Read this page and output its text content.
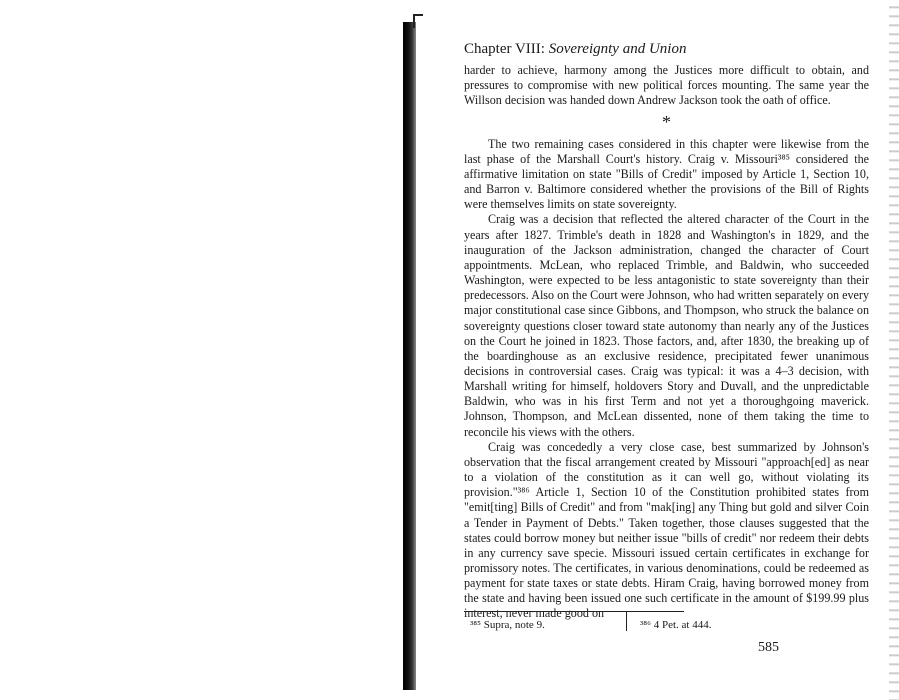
Chapter VIII: Sovereignty and Union

harder to achieve, harmony among the Justices more difficult to obtain, and pressures to compromise with new political forces mounting. The same year the Willson decision was handed down Andrew Jackson took the oath of office.

*

The two remaining cases considered in this chapter were likewise from the last phase of the Marshall Court's history. Craig v. Missouri³⁸⁵ considered the affirmative limitation on state "Bills of Credit" imposed by Article 1, Section 10, and Barron v. Baltimore considered whether the provisions of the Bill of Rights were themselves limits on state sovereignty.

Craig was a decision that reflected the altered character of the Court in the years after 1827. Trimble's death in 1828 and Washington's in 1829, and the inauguration of the Jackson administration, changed the character of Court appointments. McLean, who replaced Trimble, and Baldwin, who succeeded Washington, were expected to be less antagonistic to state sovereignty than their predecessors. Also on the Court were Johnson, who had written separately on every major constitutional case since Gibbons, and Thompson, who struck the balance on sovereignty questions closer toward state autonomy than nearly any of the Justices on the Court he joined in 1823. Those factors, and, after 1830, the breaking up of the boardinghouse as an exclusive residence, precipitated fewer unanimous decisions in controversial cases. Craig was typical: it was a 4–3 decision, with Marshall writing for himself, holdovers Story and Duvall, and the unpredictable Baldwin, who was in his first Term and not yet a thoroughgoing maverick. Johnson, Thompson, and McLean dissented, none of them taking the time to reconcile his views with the others.

Craig was concededly a very close case, best summarized by Johnson's observation that the fiscal arrangement created by Missouri "approach[ed] as near to a violation of the constitution as it can well go, without violating its provision."³⁸⁶ Article 1, Section 10 of the Constitution prohibited states from "emit[ting] Bills of Credit" and from "mak[ing] any Thing but gold and silver Coin a Tender in Payment of Debts." Taken together, those clauses suggested that the states could borrow money but neither issue "bills of credit" nor redeem their debts in any currency save specie. Missouri issued certain certificates in exchange for promissory notes. The certificates, in various denominations, could be redeemed as payment for state taxes or state debts. Hiram Craig, having borrowed money from the state and having been issued one such certificate in the amount of $199.99 plus interest, never made good on

³⁸⁵ Supra, note 9.	³⁸⁶ 4 Pet. at 444.
585
